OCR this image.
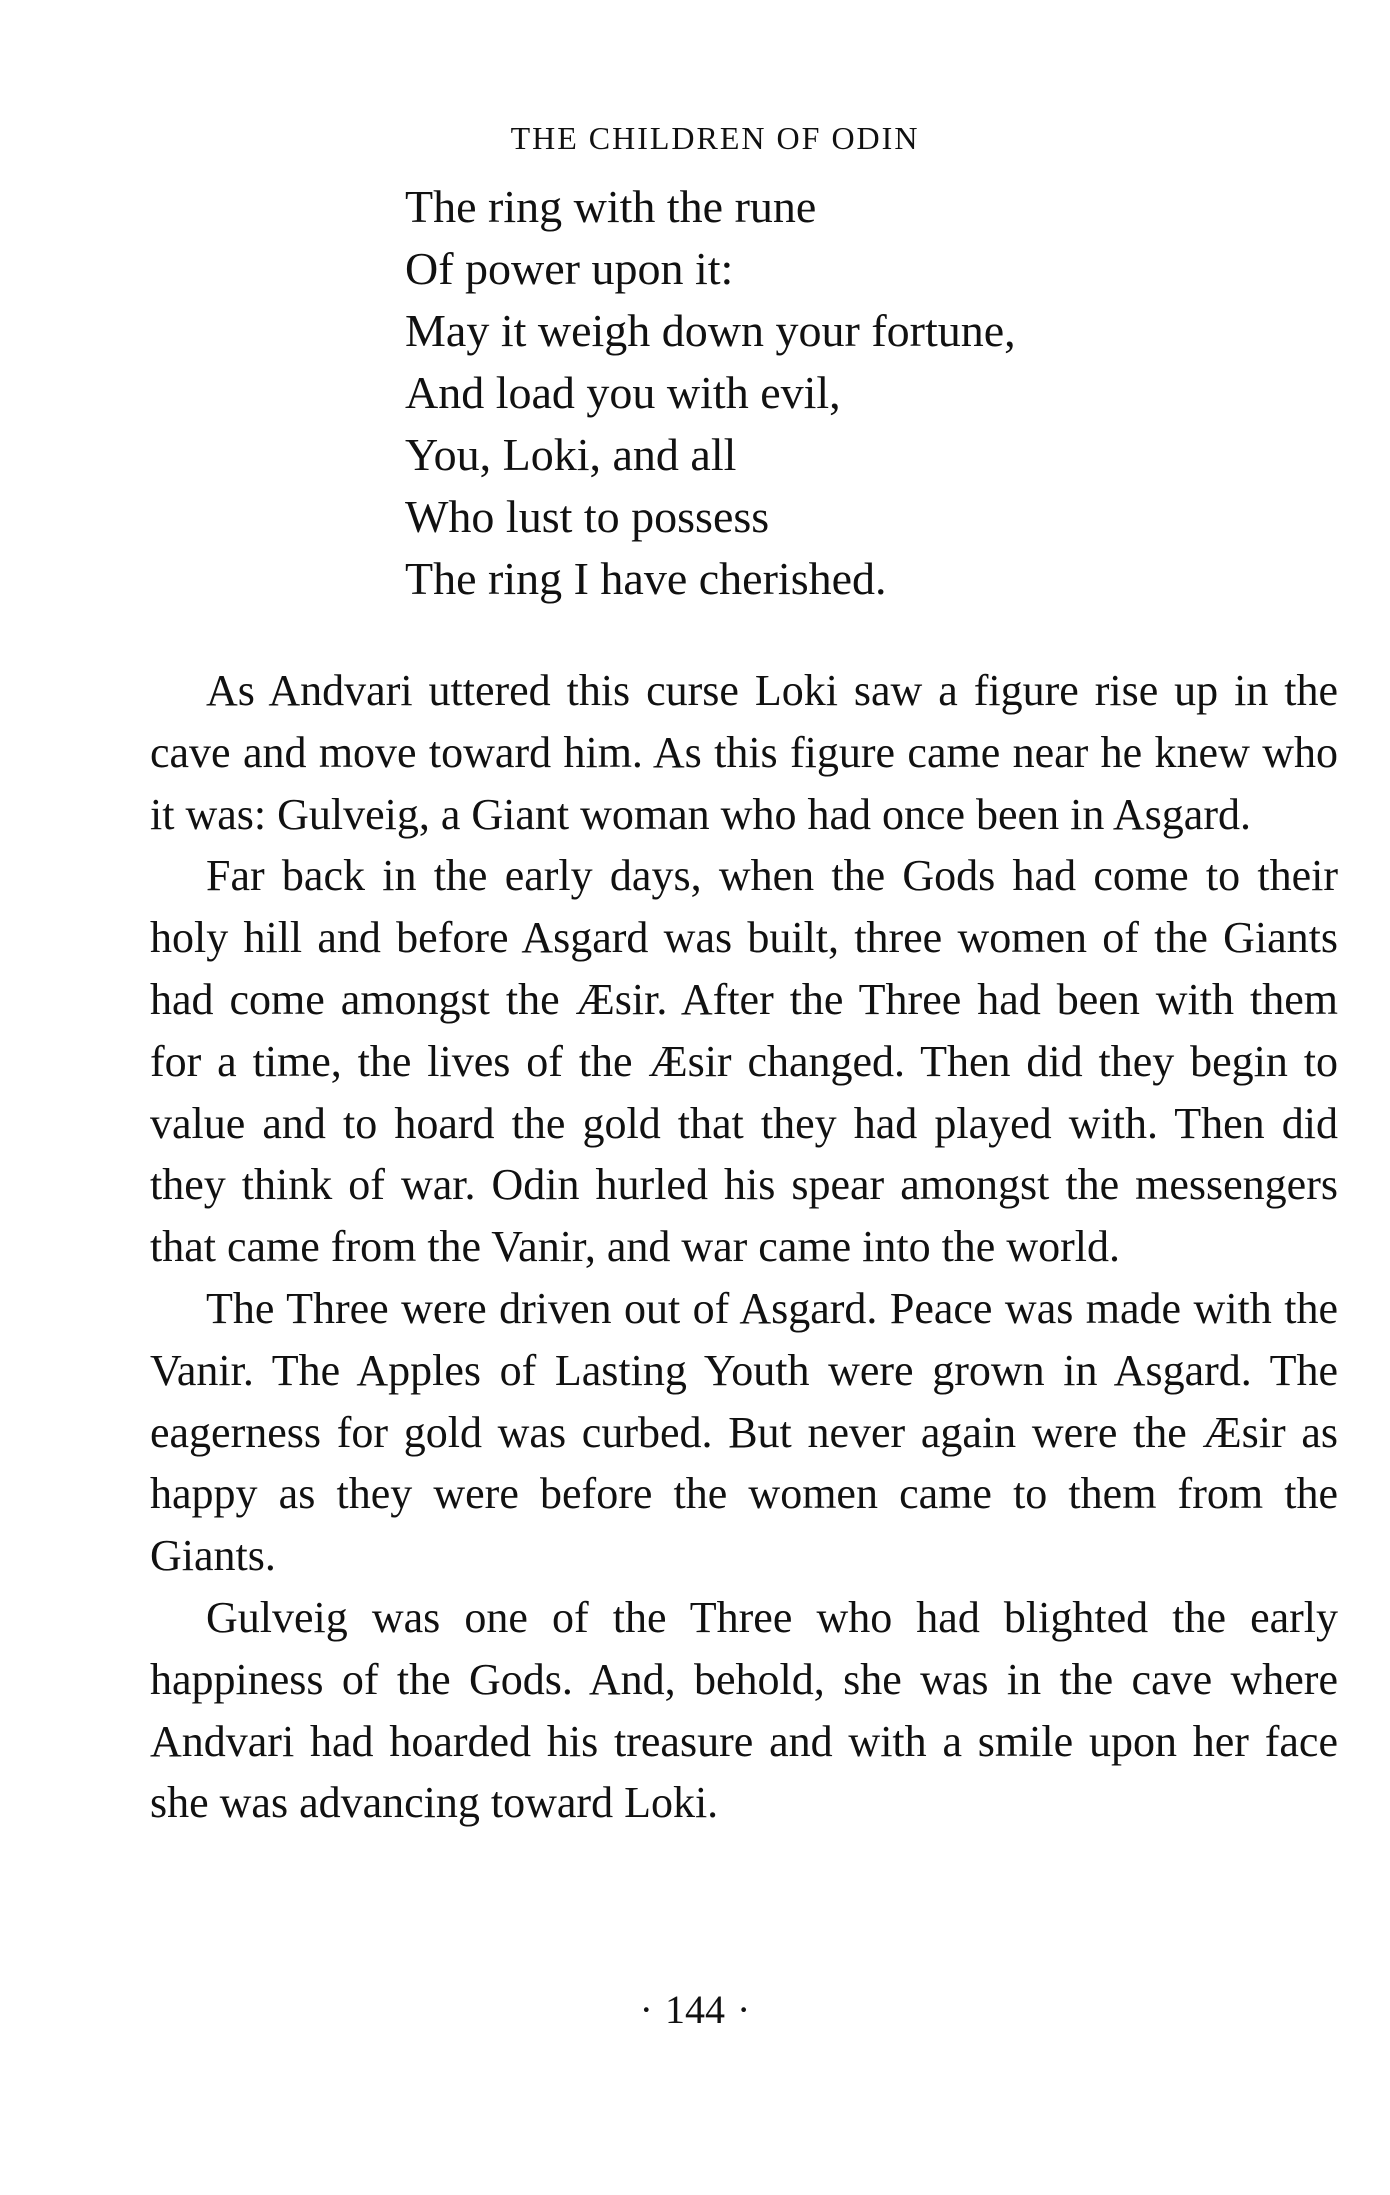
THE CHILDREN OF ODIN
The ring with the rune
Of power upon it:
May it weigh down your fortune,
And load you with evil,
You, Loki, and all
Who lust to possess
The ring I have cherished.

As Andvari uttered this curse Loki saw a figure rise up in the cave and move toward him. As this figure came near he knew who it was: Gulveig, a Giant woman who had once been in Asgard.

Far back in the early days, when the Gods had come to their holy hill and before Asgard was built, three women of the Giants had come amongst the Æsir. After the Three had been with them for a time, the lives of the Æsir changed. Then did they begin to value and to hoard the gold that they had played with. Then did they think of war. Odin hurled his spear amongst the messengers that came from the Vanir, and war came into the world.

The Three were driven out of Asgard. Peace was made with the Vanir. The Apples of Lasting Youth were grown in Asgard. The eagerness for gold was curbed. But never again were the Æsir as happy as they were before the women came to them from the Giants.

Gulveig was one of the Three who had blighted the early happiness of the Gods. And, behold, she was in the cave where Andvari had hoarded his treasure and with a smile upon her face she was advancing toward Loki.

· 144 ·
